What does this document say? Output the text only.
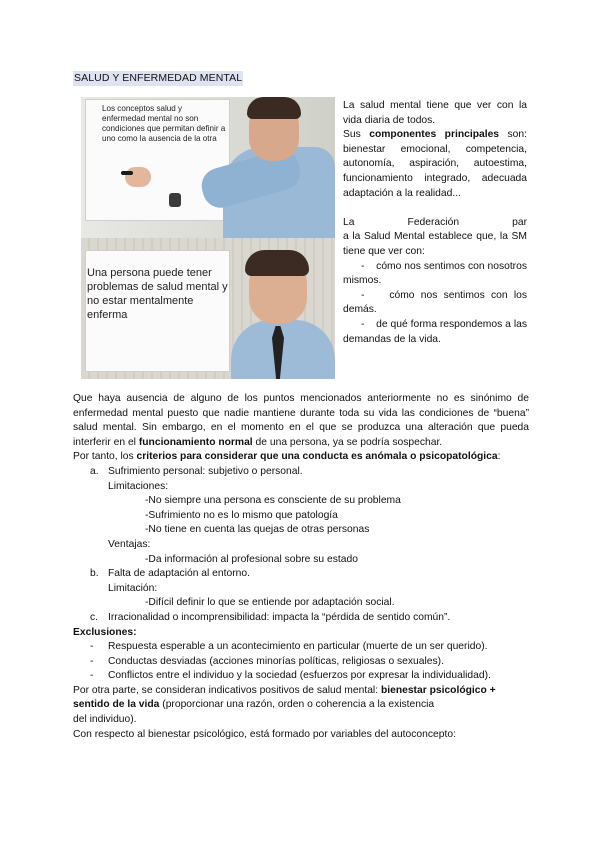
SALUD Y ENFERMEDAD MENTAL
Los conceptos salud y enfermedad mental no son condiciones que permitan definir a uno como la ausencia de la otra
Una persona puede tener problemas de salud mental y no estar mentalmente enferma

La salud mental tiene que ver con la vida diaria de todos.

Sus componentes principales son: bienestar emocional, competencia, autonomía, aspiración, autoestima, funcionamiento integrado, adecuada adaptación a la realidad...

La	Federación	par

a la Salud Mental establece que, la SM tiene que ver con:

-    cómo nos sentimos con nosotros mismos.

-    cómo nos sentimos con los demás.

-    de qué forma respondemos a las demandas de la vida.

Que haya ausencia de alguno de los puntos mencionados anteriormente no es sinónimo de enfermedad mental puesto que nadie mantiene durante toda su vida las condiciones de “buena” salud mental. Sin embargo, en el momento en el que se produzca una alteración que pueda interferir en el funcionamiento normal de una persona, ya se podría sospechar.

Por tanto, los criterios para considerar que una conducta es anómala o psicopatológica:

a. Sufrimiento personal: subjetivo o personal.

Limitaciones:

-No siempre una persona es consciente de su problema

-Sufrimiento no es lo mismo que patología

-No tiene en cuenta las quejas de otras personas

Ventajas:

-Da información al profesional sobre su estado

b. Falta de adaptación al entorno.

Limitación:

-Difícil definir lo que se entiende por adaptación social.

c. Irracionalidad o incomprensibilidad: impacta la “pérdida de sentido común”.

Exclusiones:

-	Respuesta esperable a un acontecimiento en particular (muerte de un ser querido).
-	Conductas desviadas (acciones minorías políticas, religiosas o sexuales).
-	Conflictos entre el individuo y la sociedad (esfuerzos por expresar la individualidad).

Por otra parte, se consideran indicativos positivos de salud mental: bienestar psicológico + sentido de la vida (proporcionar una razón, orden o coherencia a la existencia

del individuo).

Con respecto al bienestar psicológico, está formado por variables del autoconcepto:
